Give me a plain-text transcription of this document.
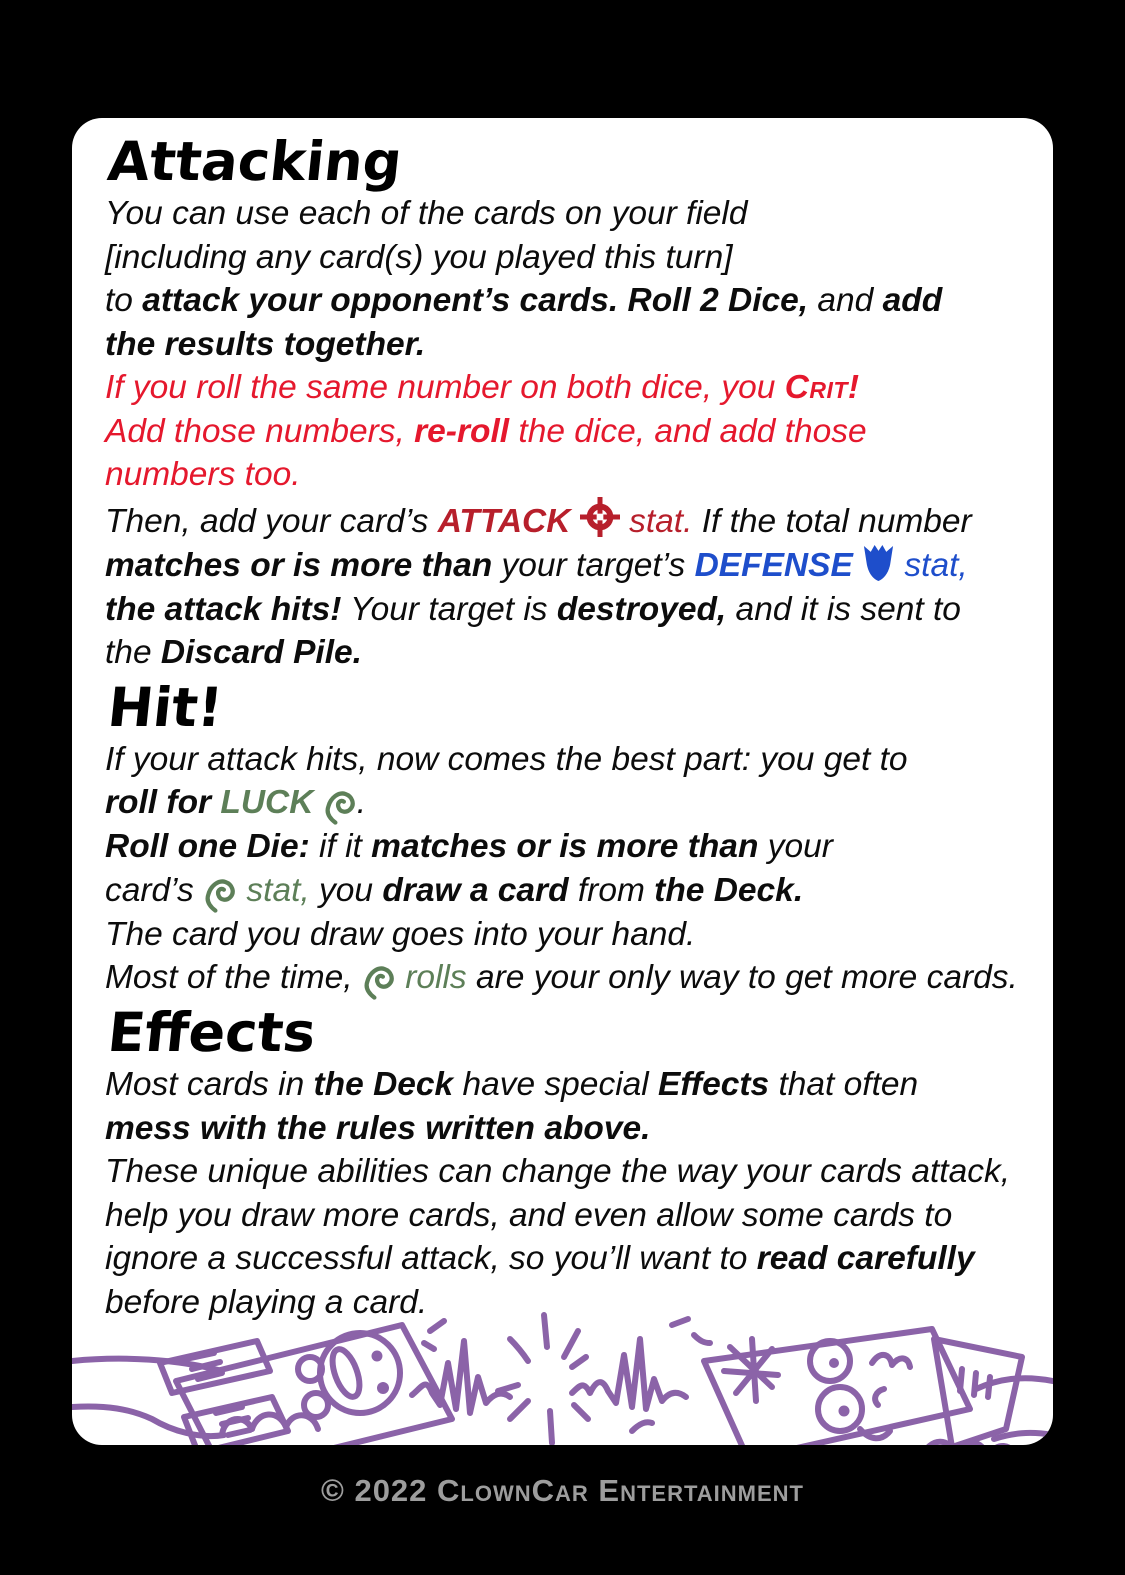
Attacking
You can use each of the cards on your field
[including any card(s) you played this turn]
to attack your opponent’s cards. Roll 2 Dice, and add
the results together.
If you roll the same number on both dice, you Crit!
Add those numbers, re-roll the dice, and add those
numbers too.
Then, add your card’s ATTACK  stat. If the total number
matches or is more than your target’s DEFENSE  stat,
the attack hits! Your target is destroyed, and it is sent to
the Discard Pile.
Hit!
If your attack hits, now comes the best part: you get to
roll for LUCK .
Roll one Die: if it matches or is more than your
card’s  stat, you draw a card from the Deck.
The card you draw goes into your hand.
Most of the time,  rolls are your only way to get more cards.
Effects
Most cards in the Deck have special Effects that often
mess with the rules written above.
These unique abilities can change the way your cards attack,
help you draw more cards, and even allow some cards to
ignore a successful attack, so you’ll want to read carefully
before playing a card.
© 2022 ClownCar Entertainment
